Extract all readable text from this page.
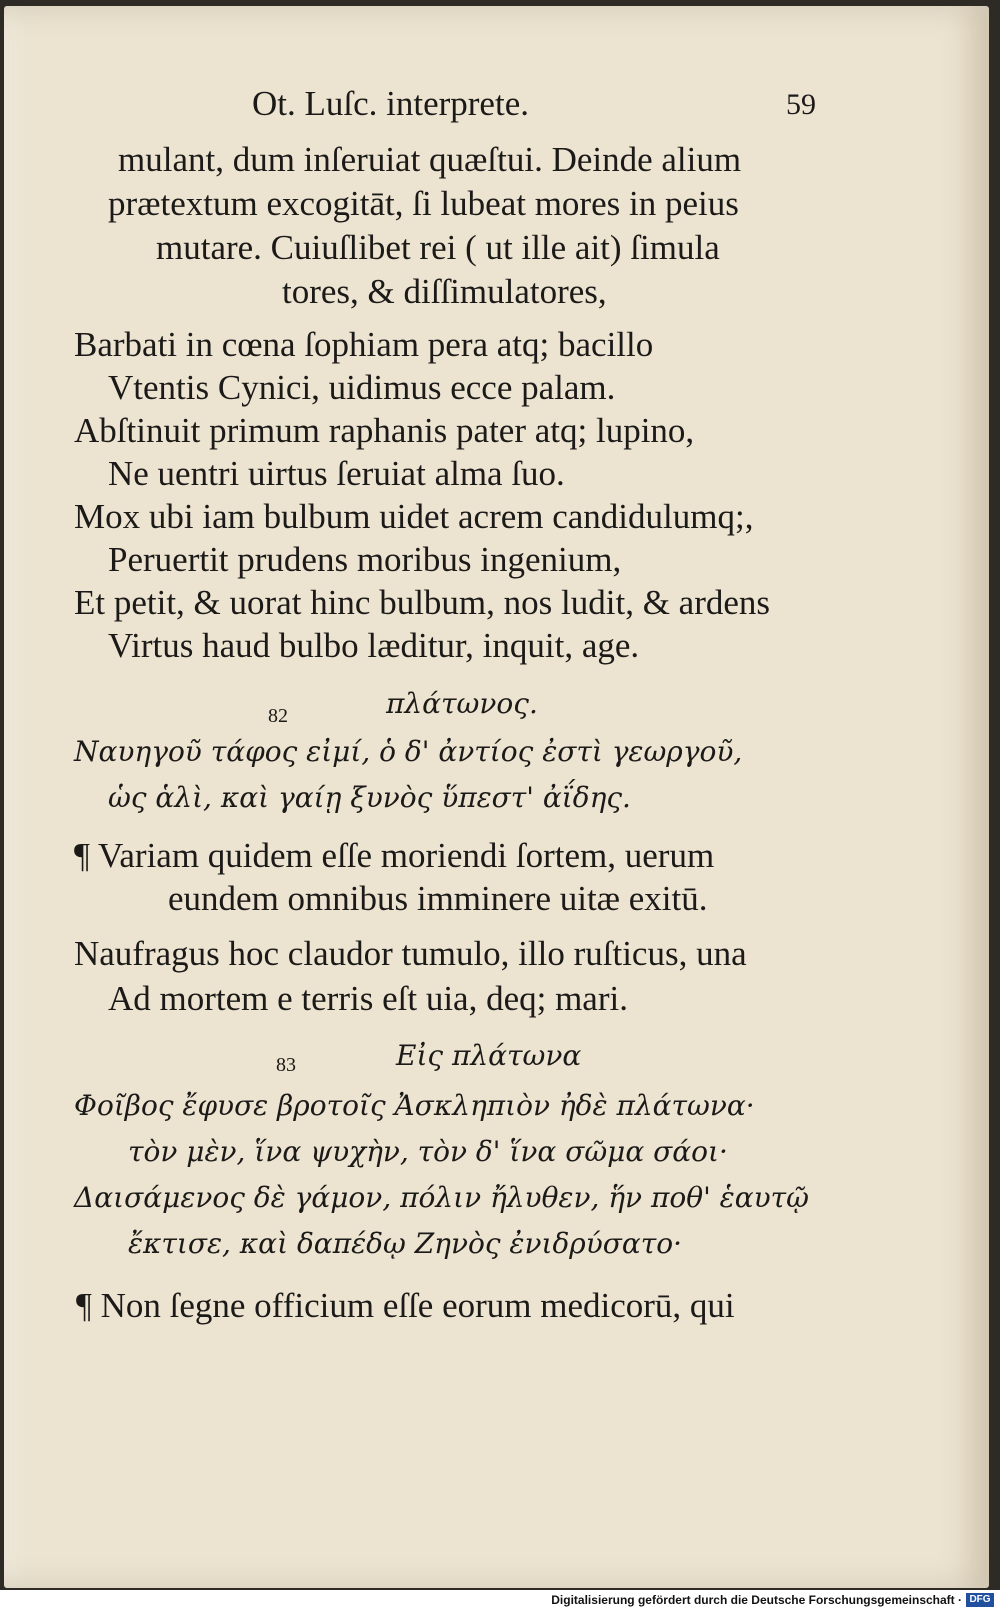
Ot. Luſc. interprete.	59
mulant, dum inſeruiat quæſtui. Deinde alium
prætextum excogitāt, ſi lubeat mores in peius
mutare. Cuiuſlibet rei ( ut ille ait) ſimula
tores, & diſſimulatores,
Barbati in cœna ſophiam pera atq; bacillo
Vtentis Cynici, uidimus ecce palam.
Abſtinuit primum raphanis pater atq; lupino,
Ne uentri uirtus ſeruiat alma ſuo.
Mox ubi iam bulbum uidet acrem candidulumq;,
Peruertit prudens moribus ingenium,
Et petit, & uorat hinc bulbum, nos ludit, & ardens
Virtus haud bulbo læditur, inquit, age.
82	πλάτωνος.
Ναυηγοῦ τάφος εἰμί, ὁ δ' ἀντίος ἐστὶ γεωργοῦ,
ὡς ἁλὶ, καὶ γαίῃ ξυνὸς ὕπεστ' ἀΐδης.
¶ Variam quidem eſſe moriendi ſortem, uerum
eundem omnibus imminere uitæ exitū.
Naufragus hoc claudor tumulo, illo ruſticus, una
Ad mortem e terris eſt uia, deq; mari.
83	Εἰς πλάτωνα
Φοῖβος ἔφυσε βροτοῖς Ἀσκληπιὸν ἠδὲ πλάτωνα·
τὸν μὲν, ἵνα ψυχὴν, τὸν δ' ἵνα σῶμα σάοι·
Δαισάμενος δὲ γάμον, πόλιν ἤλυθεν, ἥν ποθ' ἑαυτῷ
ἔκτισε, καὶ δαπέδῳ Ζηνὸς ἐνιδρύσατο·
¶ Non ſegne officium eſſe eorum medicorū, qui
Digitalisierung gefördert durch die Deutsche Forschungsgemeinschaft · DFG
